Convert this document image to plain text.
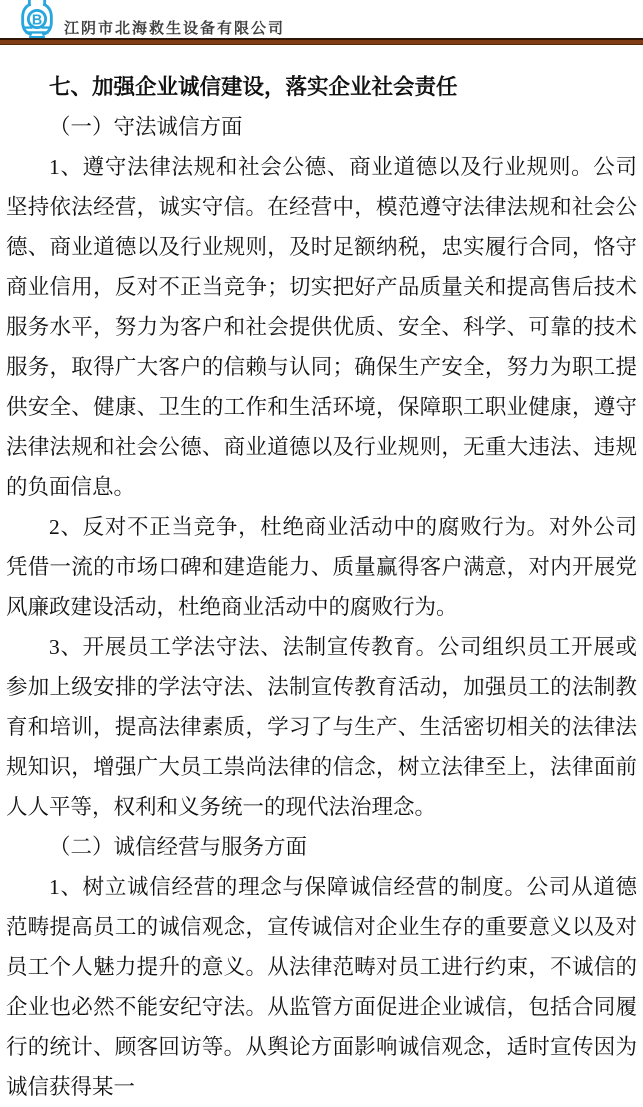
B 江阴市北海救生设备有限公司
七、加强企业诚信建设，落实企业社会责任

（一）守法诚信方面

1、遵守法律法规和社会公德、商业道德以及行业规则。公司坚持依法经营，诚实守信。在经营中，模范遵守法律法规和社会公德、商业道德以及行业规则，及时足额纳税，忠实履行合同，恪守商业信用，反对不正当竞争；切实把好产品质量关和提高售后技术服务水平，努力为客户和社会提供优质、安全、科学、可靠的技术服务，取得广大客户的信赖与认同；确保生产安全，努力为职工提供安全、健康、卫生的工作和生活环境，保障职工职业健康，遵守法律法规和社会公德、商业道德以及行业规则，无重大违法、违规的负面信息。

2、反对不正当竞争，杜绝商业活动中的腐败行为。对外公司凭借一流的市场口碑和建造能力、质量赢得客户满意，对内开展党风廉政建设活动，杜绝商业活动中的腐败行为。

3、开展员工学法守法、法制宣传教育。公司组织员工开展或参加上级安排的学法守法、法制宣传教育活动，加强员工的法制教育和培训，提高法律素质，学习了与生产、生活密切相关的法律法规知识，增强广大员工祟尚法律的信念，树立法律至上，法律面前人人平等，权利和义务统一的现代法治理念。

（二）诚信经营与服务方面

1、树立诚信经营的理念与保障诚信经营的制度。公司从道德范畴提高员工的诚信观念，宣传诚信对企业生存的重要意义以及对员工个人魅力提升的意义。从法律范畴对员工进行约束，不诚信的企业也必然不能安纪守法。从监管方面促进企业诚信，包括合同履行的统计、顾客回访等。从舆论方面影响诚信观念，适时宣传因为诚信获得某一
